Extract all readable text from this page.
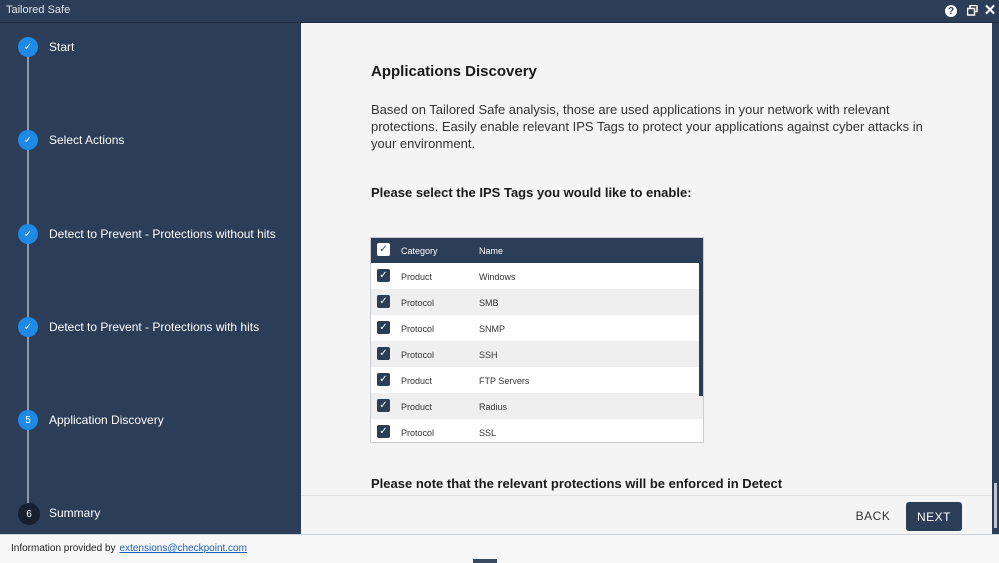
Tailored Safe	? ✕
✓	Start
✓	Select Actions
✓	Detect to Prevent - Protections without hits
✓	Detect to Prevent - Protections with hits
5	Application Discovery
6	Summary
Applications Discovery
Based on Tailored Safe analysis, those are used applications in your network with relevant protections. Easily enable relevant IPS Tags to protect your applications against cyber attacks in your environment.
Please select the IPS Tags you would like to enable:
✓ Category	Name
✓ Product	Windows
✓ Protocol	SMB
✓ Protocol	SNMP
✓ Protocol	SSH
✓ Product	FTP Servers
✓ Product	Radius
✓ Protocol	SSL
Please note that the relevant protections will be enforced in Detect
BACK	NEXT
Information provided by extensions@checkpoint.com
